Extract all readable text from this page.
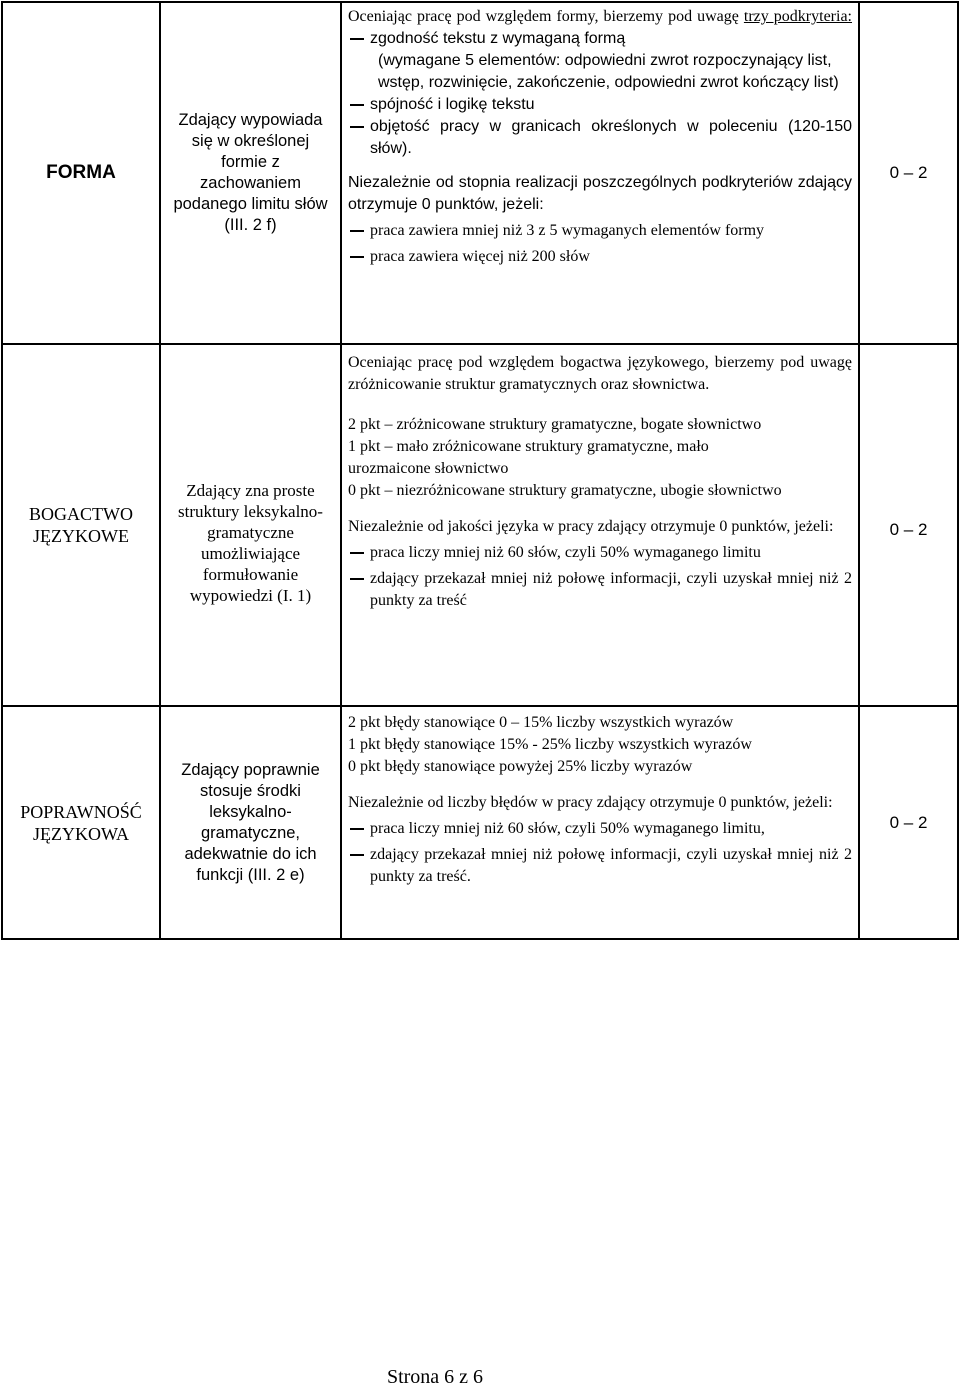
FORMA
Zdający wypowiada się w określonej formie z zachowaniem podanego limitu słów (III. 2 f)

Oceniając pracę pod względem formy, bierzemy pod uwagę trzy podkryteria:

zgodność tekstu z wymaganą formą

(wymagane 5 elementów: odpowiedni zwrot rozpoczynający list, wstęp, rozwinięcie, zakończenie, odpowiedni zwrot kończący list)

spójność i logikę tekstu

objętość pracy w granicach określonych w poleceniu (120-150 słów).

Niezależnie od stopnia realizacji poszczególnych podkryteriów zdający otrzymuje 0 punktów, jeżeli:

praca zawiera mniej niż 3 z 5 wymaganych elementów formy

praca zawiera więcej niż 200 słów

0 – 2
BOGACTWO JĘZYKOWE
Zdający zna proste struktury leksykalno-gramatyczne umożliwiające formułowanie wypowiedzi (I. 1)

Oceniając pracę pod względem bogactwa językowego, bierzemy pod uwagę zróżnicowanie struktur gramatycznych oraz słownictwa.

2 pkt – zróżnicowane struktury gramatyczne, bogate słownictwo

1 pkt – mało zróżnicowane struktury gramatyczne, mało urozmaicone słownictwo

0 pkt – niezróżnicowane struktury gramatyczne, ubogie słownictwo

Niezależnie od jakości języka w pracy zdający otrzymuje 0 punktów, jeżeli:

praca liczy mniej niż 60 słów, czyli 50% wymaganego limitu

zdający przekazał mniej niż połowę informacji, czyli uzyskał mniej niż 2 punkty za treść

0 – 2
POPRAWNOŚĆ JĘZYKOWA
Zdający poprawnie stosuje środki leksykalno-gramatyczne, adekwatnie do ich funkcji (III. 2 e)

2 pkt błędy stanowiące 0 – 15% liczby wszystkich wyrazów

1 pkt błędy stanowiące 15% - 25% liczby wszystkich wyrazów

0 pkt błędy stanowiące powyżej 25% liczby wyrazów

Niezależnie od liczby błędów w pracy zdający otrzymuje 0 punktów, jeżeli:

praca liczy mniej niż 60 słów, czyli 50% wymaganego limitu,

zdający przekazał mniej niż połowę informacji, czyli uzyskał mniej niż 2 punkty za treść.

0 – 2
Strona 6 z 6
